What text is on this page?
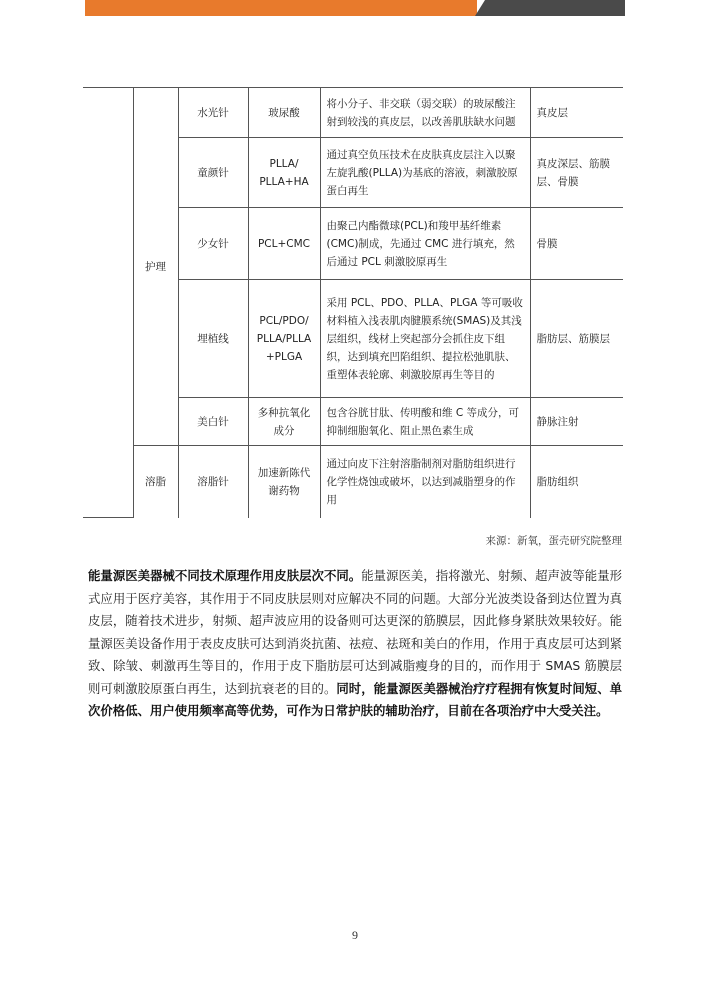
	护理	水光针	玻尿酸	将小分子、非交联（弱交联）的玻尿酸注射到较浅的真皮层，以改善肌肤缺水问题	真皮层
		童颜针	PLLA/ PLLA+HA	通过真空负压技术在皮肤真皮层注入以聚左旋乳酸(PLLA)为基底的溶液，刺激胶原蛋白再生	真皮深层、筋膜层、骨膜
		少女针	PCL+CMC	由聚己内酯微球(PCL)和羧甲基纤维素(CMC)制成，先通过 CMC 进行填充，然后通过 PCL 刺激胶原再生	骨膜
		埋植线	PCL/PDO/ PLLA/PLLA +PLGA	采用 PCL、PDO、PLLA、PLGA 等可吸收材料植入浅表肌肉腱膜系统(SMAS)及其浅层组织，线材上突起部分会抓住皮下组织，达到填充凹陷组织、提拉松弛肌肤、重塑体表轮廓、刺激胶原再生等目的	脂肪层、筋膜层
		美白针	多种抗氧化成分	包含谷胱甘肽、传明酸和维 C 等成分，可抑制细胞氧化、阻止黑色素生成	静脉注射
	溶脂	溶脂针	加速新陈代谢药物	通过向皮下注射溶脂制剂对脂肪组织进行化学性烧蚀或破坏，以达到减脂塑身的作用	脂肪组织
来源：新氧，蛋壳研究院整理
能量源医美器械不同技术原理作用皮肤层次不同。能量源医美，指将激光、射频、超声波等能量形式应用于医疗美容，其作用于不同皮肤层则对应解决不同的问题。大部分光波类设备到达位置为真皮层，随着技术进步，射频、超声波应用的设备则可达更深的筋膜层，因此修身紧肤效果较好。能量源医美设备作用于表皮皮肤可达到消炎抗菌、祛痘、祛斑和美白的作用，作用于真皮层可达到紧致、除皱、刺激再生等目的，作用于皮下脂肪层可达到减脂瘦身的目的，而作用于 SMAS 筋膜层则可刺激胶原蛋白再生，达到抗衰老的目的。同时，能量源医美器械治疗疗程拥有恢复时间短、单次价格低、用户使用频率高等优势，可作为日常护肤的辅助治疗，目前在各项治疗中大受关注。
9
